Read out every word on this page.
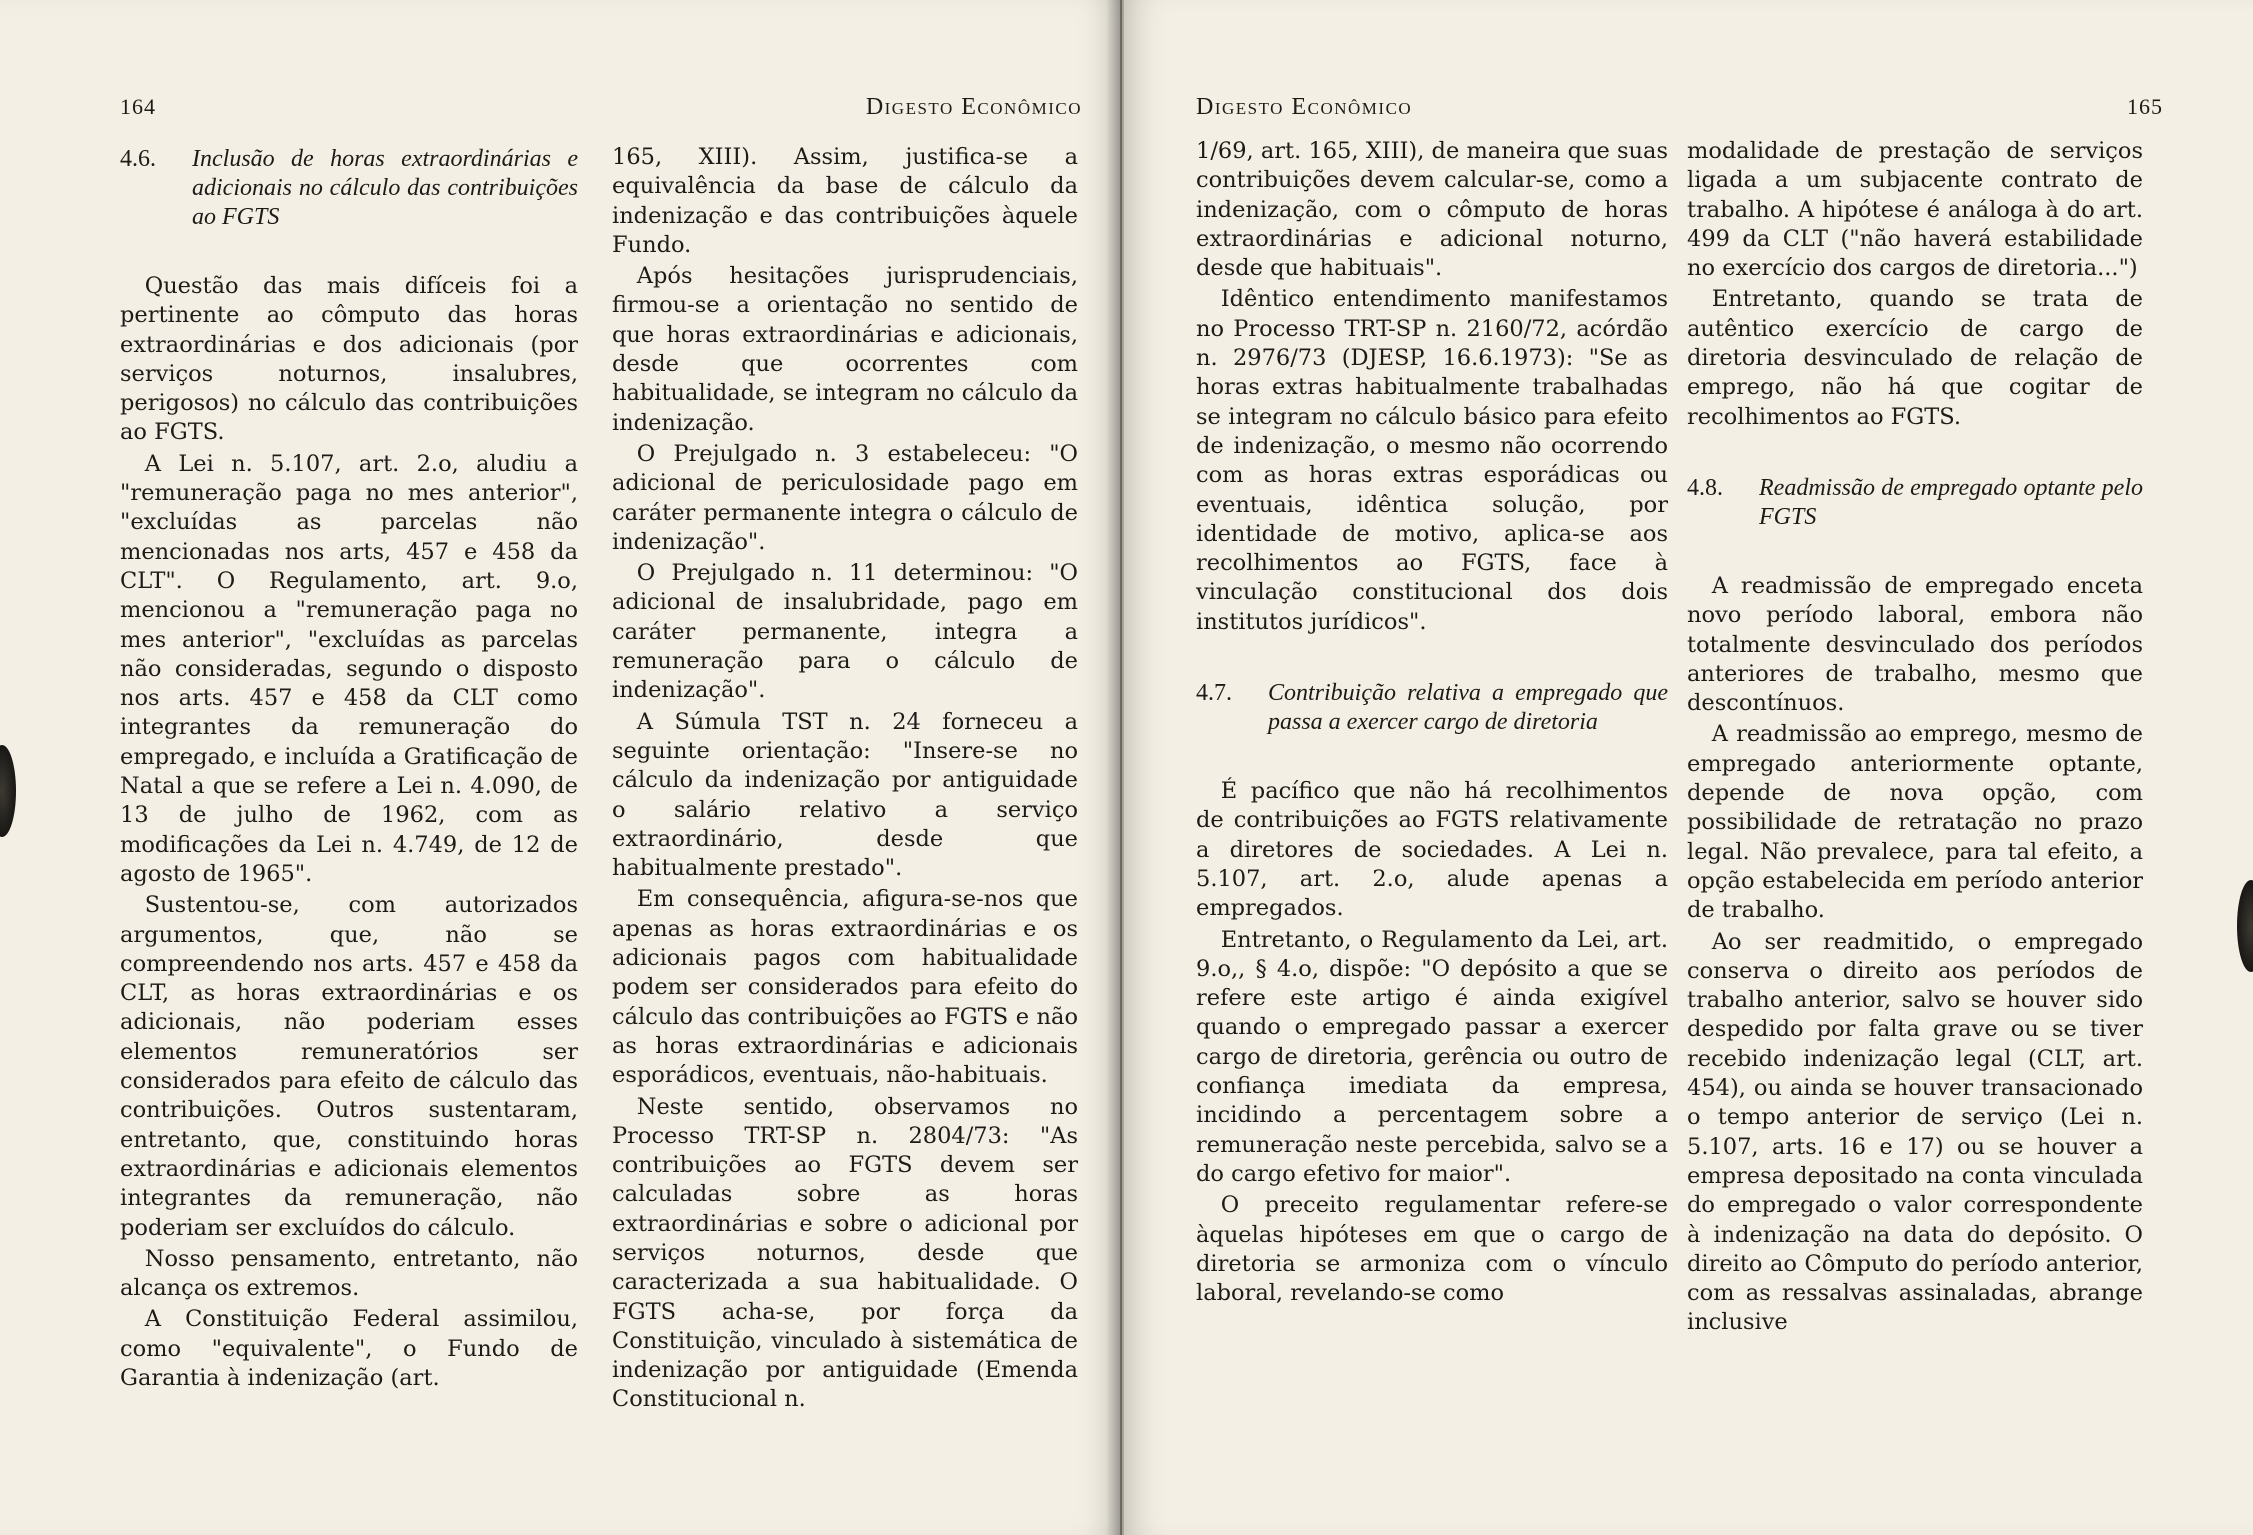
164	Digesto Econômico
4.6. Inclusão de horas extraordinárias e adicionais no cálculo das contribuições ao FGTS

Questão das mais difíceis foi a pertinente ao cômputo das horas extraordinárias e dos adicionais (por serviços noturnos, insalubres, perigosos) no cálculo das contribuições ao FGTS.

A Lei n. 5.107, art. 2.o, aludiu a "remuneração paga no mes anterior", "excluídas as parcelas não mencionadas nos arts, 457 e 458 da CLT". O Regulamento, art. 9.o, mencionou a "remuneração paga no mes anterior", "excluídas as parcelas não consideradas, segundo o disposto nos arts. 457 e 458 da CLT como integrantes da remuneração do empregado, e incluída a Gratificação de Natal a que se refere a Lei n. 4.090, de 13 de julho de 1962, com as modificações da Lei n. 4.749, de 12 de agosto de 1965".

Sustentou-se, com autorizados argumentos, que, não se compreendendo nos arts. 457 e 458 da CLT, as horas extraordinárias e os adicionais, não poderiam esses elementos remuneratórios ser considerados para efeito de cálculo das contribuições. Outros sustentaram, entretanto, que, constituindo horas extraordinárias e adicionais elementos integrantes da remuneração, não poderiam ser excluídos do cálculo.

Nosso pensamento, entretanto, não alcança os extremos.

A Constituição Federal assimilou, como "equivalente", o Fundo de Garantia à indenização (art.

165, XIII). Assim, justifica-se a equivalência da base de cálculo da indenização e das contribuições àquele Fundo.

Após hesitações jurisprudenciais, firmou-se a orientação no sentido de que horas extraordinárias e adicionais, desde que ocorrentes com habitualidade, se integram no cálculo da indenização.

O Prejulgado n. 3 estabeleceu: "O adicional de periculosidade pago em caráter permanente integra o cálculo de indenização".

O Prejulgado n. 11 determinou: "O adicional de insalubridade, pago em caráter permanente, integra a remuneração para o cálculo de indenização".

A Súmula TST n. 24 forneceu a seguinte orientação: "Insere-se no cálculo da indenização por antiguidade o salário relativo a serviço extraordinário, desde que habitualmente prestado".

Em consequência, afigura-se-nos que apenas as horas extraordinárias e os adicionais pagos com habitualidade podem ser considerados para efeito do cálculo das contribuições ao FGTS e não as horas extraordinárias e adicionais esporádicos, eventuais, não-habituais.

Neste sentido, observamos no Processo TRT-SP n. 2804/73: "As contribuições ao FGTS devem ser calculadas sobre as horas extraordinárias e sobre o adicional por serviços noturnos, desde que caracterizada a sua habitualidade. O FGTS acha-se, por força da Constituição, vinculado à sistemática de indenização por antiguidade (Emenda Constitucional n.

Digesto Econômico	165

1/69, art. 165, XIII), de maneira que suas contribuições devem calcular-se, como a indenização, com o cômputo de horas extraordinárias e adicional noturno, desde que habituais".

Idêntico entendimento manifestamos no Processo TRT-SP n. 2160/72, acórdão n. 2976/73 (DJESP, 16.6.1973): "Se as horas extras habitualmente trabalhadas se integram no cálculo básico para efeito de indenização, o mesmo não ocorrendo com as horas extras esporádicas ou eventuais, idêntica solução, por identidade de motivo, aplica-se aos recolhimentos ao FGTS, face à vinculação constitucional dos dois institutos jurídicos".

4.7. Contribuição relativa a empregado que passa a exercer cargo de diretoria

É pacífico que não há recolhimentos de contribuições ao FGTS relativamente a diretores de sociedades. A Lei n. 5.107, art. 2.o, alude apenas a empregados.

Entretanto, o Regulamento da Lei, art. 9.o,, § 4.o, dispõe: "O depósito a que se refere este artigo é ainda exigível quando o empregado passar a exercer cargo de diretoria, gerência ou outro de confiança imediata da empresa, incidindo a percentagem sobre a remuneração neste percebida, salvo se a do cargo efetivo for maior".

O preceito regulamentar refere-se àquelas hipóteses em que o cargo de diretoria se armoniza com o vínculo laboral, revelando-se como

modalidade de prestação de serviços ligada a um subjacente contrato de trabalho. A hipótese é análoga à do art. 499 da CLT ("não haverá estabilidade no exercício dos cargos de diretoria...")

Entretanto, quando se trata de autêntico exercício de cargo de diretoria desvinculado de relação de emprego, não há que cogitar de recolhimentos ao FGTS.

4.8. Readmissão de empregado optante pelo FGTS

A readmissão de empregado enceta novo período laboral, embora não totalmente desvinculado dos períodos anteriores de trabalho, mesmo que descontínuos.

A readmissão ao emprego, mesmo de empregado anteriormente optante, depende de nova opção, com possibilidade de retratação no prazo legal. Não prevalece, para tal efeito, a opção estabelecida em período anterior de trabalho.

Ao ser readmitido, o empregado conserva o direito aos períodos de trabalho anterior, salvo se houver sido despedido por falta grave ou se tiver recebido indenização legal (CLT, art. 454), ou ainda se houver transacionado o tempo anterior de serviço (Lei n. 5.107, arts. 16 e 17) ou se houver a empresa depositado na conta vinculada do empregado o valor correspondente à indenização na data do depósito. O direito ao Cômputo do período anterior, com as ressalvas assinaladas, abrange inclusive
